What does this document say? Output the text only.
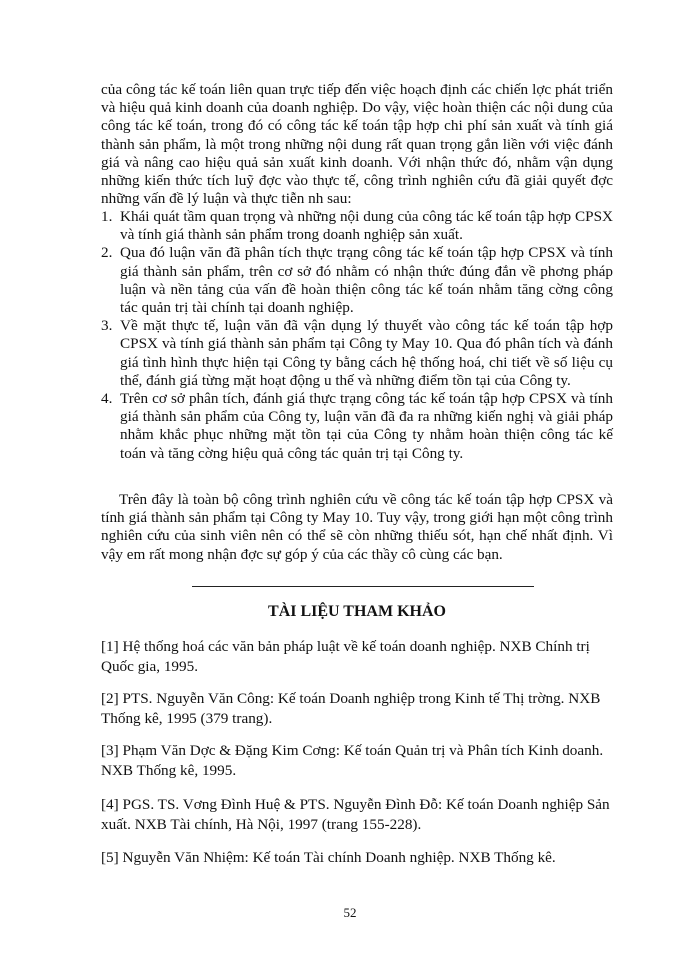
của công tác kế toán liên quan trực tiếp đến việc hoạch định các chiến lợc phát triển và hiệu quả kinh doanh của doanh nghiệp. Do vậy, việc hoàn thiện các nội dung của công tác kế toán, trong đó có công tác kế toán tập hợp chi phí sản xuất và tính giá thành sản phẩm, là một trong những nội dung rất quan trọng gắn liền với việc đánh giá và nâng cao hiệu quả sản xuất kinh doanh. Với nhận thức đó, nhằm vận dụng những kiến thức tích luỹ đợc vào thực tế, công trình nghiên cứu đã giải quyết đợc những vấn đề lý luận và thực tiễn nh sau:

1. Khái quát tầm quan trọng và những nội dung của công tác kế toán tập hợp CPSX và tính giá thành sản phẩm trong doanh nghiệp sản xuất.
2. Qua đó luận văn đã phân tích thực trạng công tác kế toán tập hợp CPSX và tính giá thành sản phẩm, trên cơ sở đó nhằm có nhận thức đúng đắn về phơng pháp luận và nền tảng của vấn đề hoàn thiện công tác kế toán nhằm tăng cờng công tác quản trị tài chính tại doanh nghiệp.
3. Về mặt thực tế, luận văn đã vận dụng lý thuyết vào công tác kế toán tập hợp CPSX và tính giá thành sản phẩm tại Công ty May 10. Qua đó phân tích và đánh giá tình hình thực hiện tại Công ty bằng cách hệ thống hoá, chi tiết về số liệu cụ thể, đánh giá từng mặt hoạt động u thế và những điểm tồn tại của Công ty.
4. Trên cơ sở phân tích, đánh giá thực trạng công tác kế toán tập hợp CPSX và tính giá thành sản phẩm của Công ty, luận văn đã đa ra những kiến nghị và giải pháp nhằm khắc phục những mặt tồn tại của Công ty nhằm hoàn thiện công tác kế toán và tăng cờng hiệu quả công tác quản trị tại Công ty.

Trên đây là toàn bộ công trình nghiên cứu về công tác kế toán tập hợp CPSX và tính giá thành sản phẩm tại Công ty May 10. Tuy vậy, trong giới hạn một công trình nghiên cứu của sinh viên nên có thể sẽ còn những thiếu sót, hạn chế nhất định. Vì vậy em rất mong nhận đợc sự góp ý của các thầy cô cùng các bạn.

TÀI LIỆU THAM KHẢO

[1] Hệ thống hoá các văn bản pháp luật về kế toán doanh nghiệp. NXB Chính trị Quốc gia, 1995.

[2] PTS. Nguyễn Văn Công: Kế toán Doanh nghiệp trong Kinh tế Thị trờng. NXB Thống kê, 1995 (379 trang).

[3] Phạm Văn Dợc & Đặng Kim Cơng: Kế toán Quản trị và Phân tích Kinh doanh. NXB Thống kê, 1995.

[4] PGS. TS. Vơng Đình Huệ & PTS. Nguyễn Đình Đỗ: Kế toán Doanh nghiệp Sản xuất. NXB Tài chính, Hà Nội, 1997 (trang 155-228).

[5] Nguyễn Văn Nhiệm: Kế toán Tài chính Doanh nghiệp. NXB Thống kê.

52
